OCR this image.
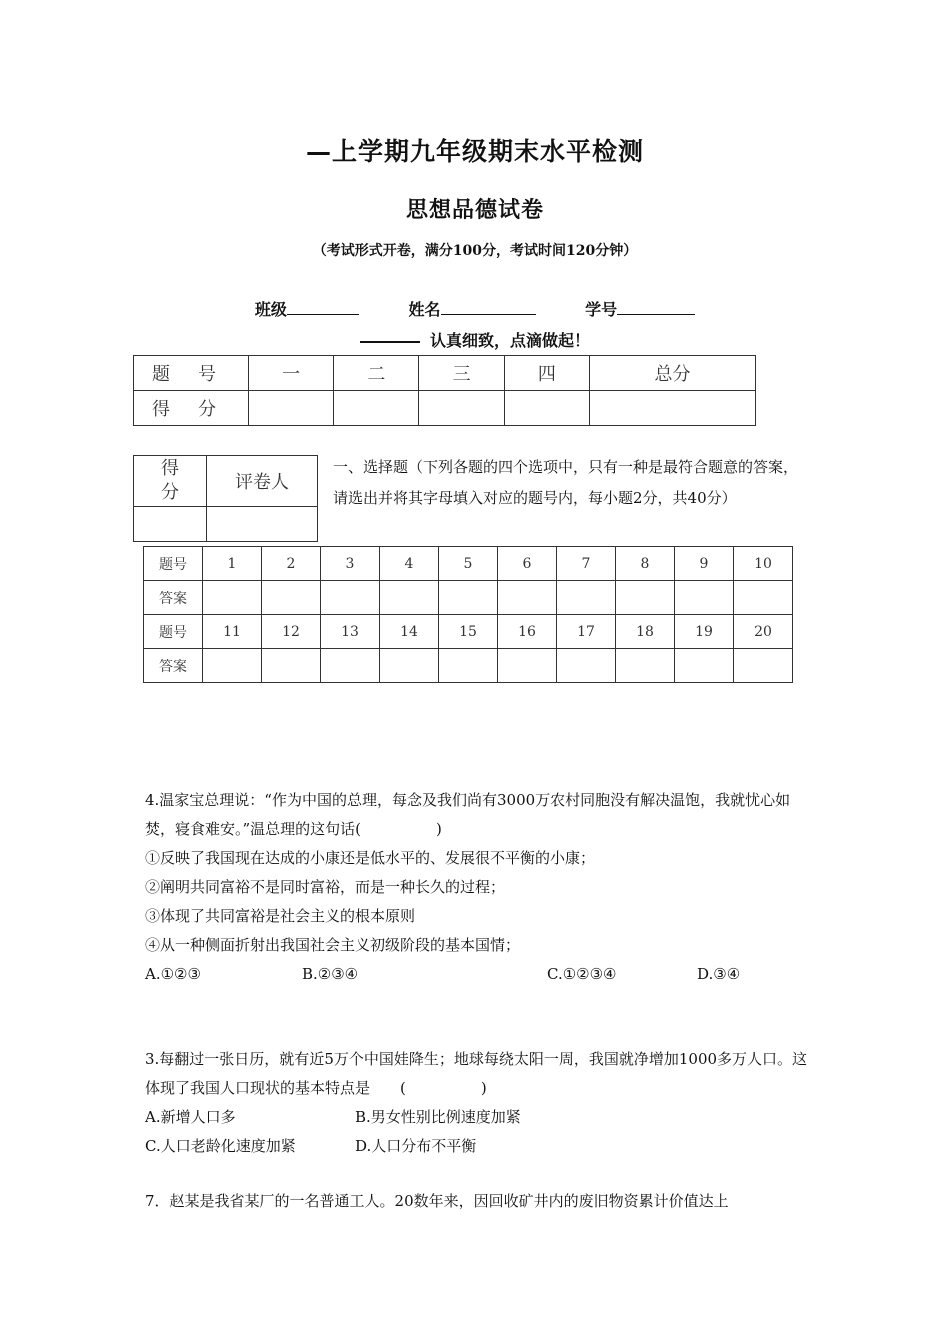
—上学期九年级期末水平检测
思想品德试卷
（考试形式开卷，满分100分，考试时间120分钟）
班级	姓名	学号
认真细致，点滴做起！
题号	一	二	三	四	总分
得分					
得分	评卷人

一、选择题（下列各题的四个选项中，只有一种是最符合题意的答案，请选出并将其字母填入对应的题号内，每小题2分，共40分）
题号	1	2	3	4	5	6	7	8	9	10
答案										
题号	11	12	13	14	15	16	17	18	19	20
答案										

4.温家宝总理说：“作为中国的总理，每念及我们尚有3000万农村同胞没有解决温饱，我就忧心如焚，寝食难安。”温总理的这句话(　　　　　)

①反映了我国现在达成的小康还是低水平的、发展很不平衡的小康；

②阐明共同富裕不是同时富裕，而是一种长久的过程；

③体现了共同富裕是社会主义的根本原则

④从一种侧面折射出我国社会主义初级阶段的基本国情；

A.①②③	B.②③④	C.①②③④	D.③④

3.每翻过一张日历，就有近5万个中国娃降生；地球每绕太阳一周，我国就净增加1000多万人口。这体现了我国人口现状的基本特点是　　(　　　　　)

A.新增人口多	B.男女性别比例速度加紧

C.人口老龄化速度加紧	D.人口分布不平衡

7．赵某是我省某厂的一名普通工人。20数年来，因回收矿井内的废旧物资累计价值达上
